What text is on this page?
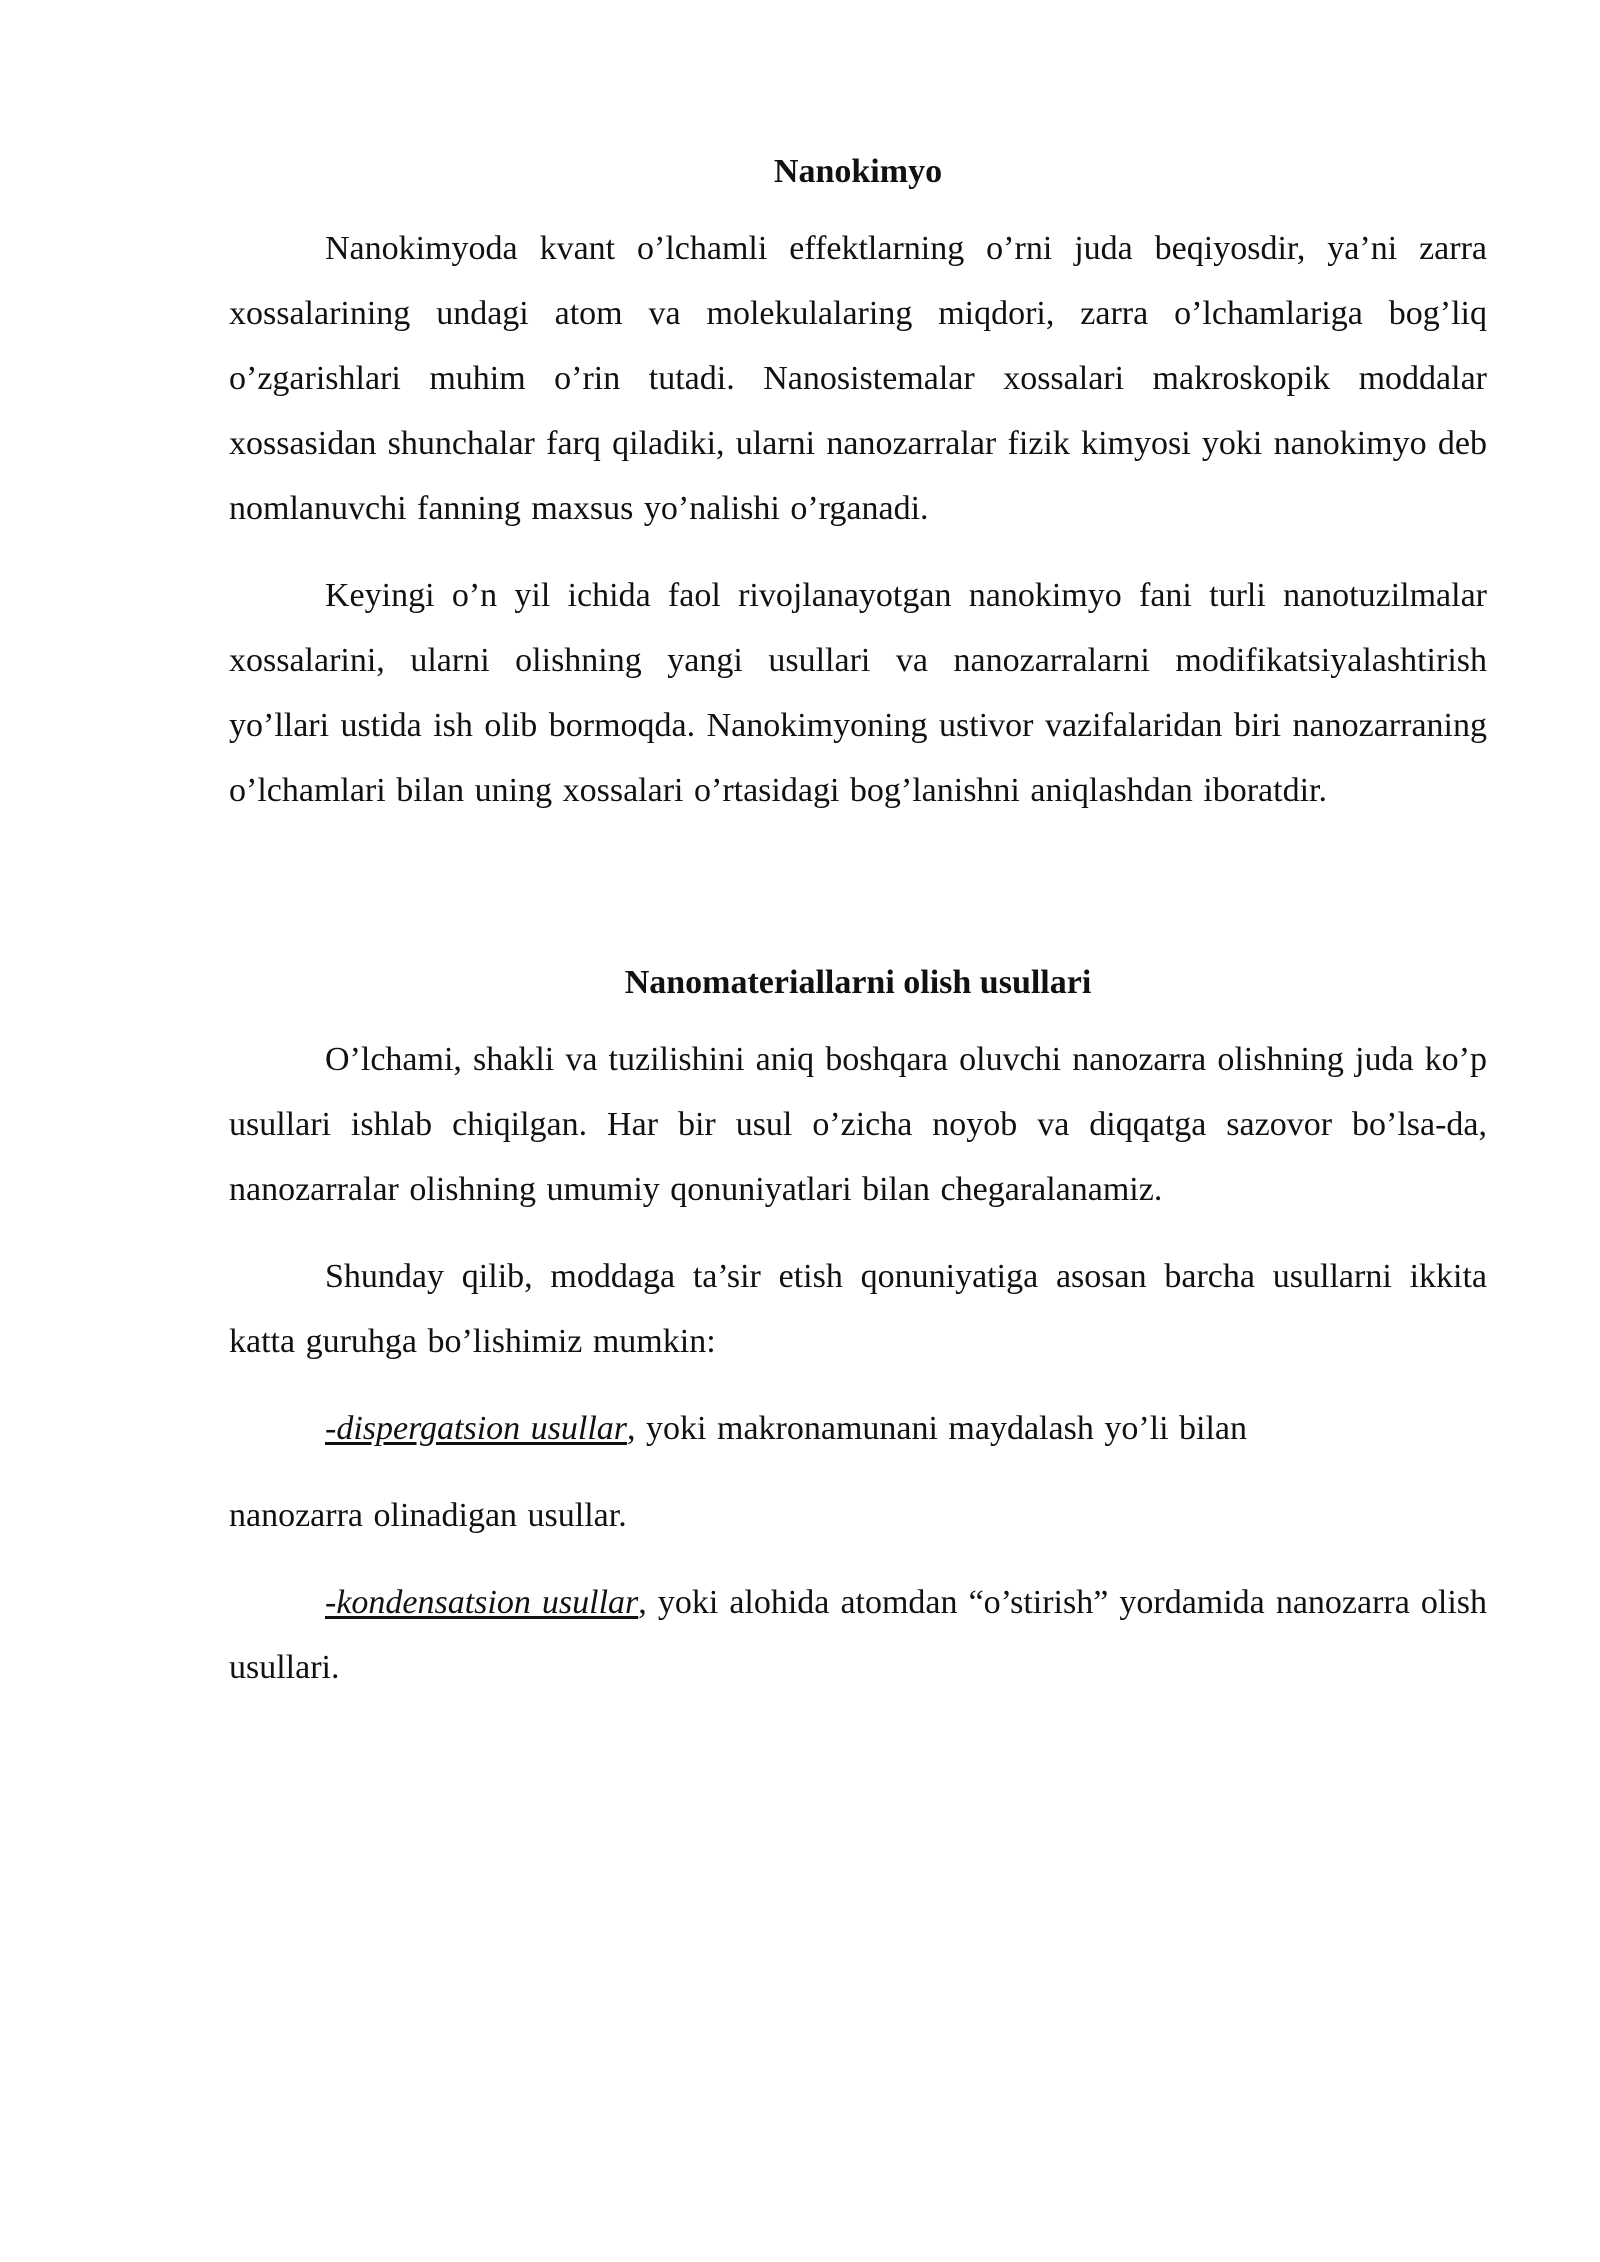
Nanokimyo

Nanokimyoda kvant o’lchamli effektlarning o’rni juda beqiyosdir, ya’ni zarra xossalarining undagi atom va molekulalaring miqdori, zarra o’lchamlariga bog’liq o’zgarishlari muhim o’rin tutadi. Nanosistemalar xossalari makroskopik moddalar xossasidan shunchalar farq qiladiki, ularni nanozarralar fizik kimyosi yoki nanokimyo deb nomlanuvchi fanning maxsus yo’nalishi o’rganadi.

Keyingi o’n yil ichida faol rivojlanayotgan nanokimyo fani turli nanotuzilmalar xossalarini, ularni olishning yangi usullari va nanozarralarni modifikatsiyalashtirish yo’llari ustida ish olib bormoqda. Nanokimyoning ustivor vazifalaridan biri nanozarraning o’lchamlari bilan uning xossalari o’rtasidagi bog’lanishni aniqlashdan iboratdir.

Nanomateriallarni olish usullari

O’lchami, shakli va tuzilishini aniq boshqara oluvchi nanozarra olishning juda ko’p usullari ishlab chiqilgan. Har bir usul o’zicha noyob va diqqatga sazovor bo’lsa-da, nanozarralar olishning umumiy qonuniyatlari bilan chegaralanamiz.

Shunday qilib, moddaga ta’sir etish qonuniyatiga asosan barcha usullarni ikkita katta guruhga bo’lishimiz mumkin:

-dispergatsion usullar, yoki makronamunani maydalash yo’li bilan
nanozarra olinadigan usullar.

-kondensatsion usullar, yoki alohida atomdan “o’stirish” yordamida nanozarra olish usullari.
